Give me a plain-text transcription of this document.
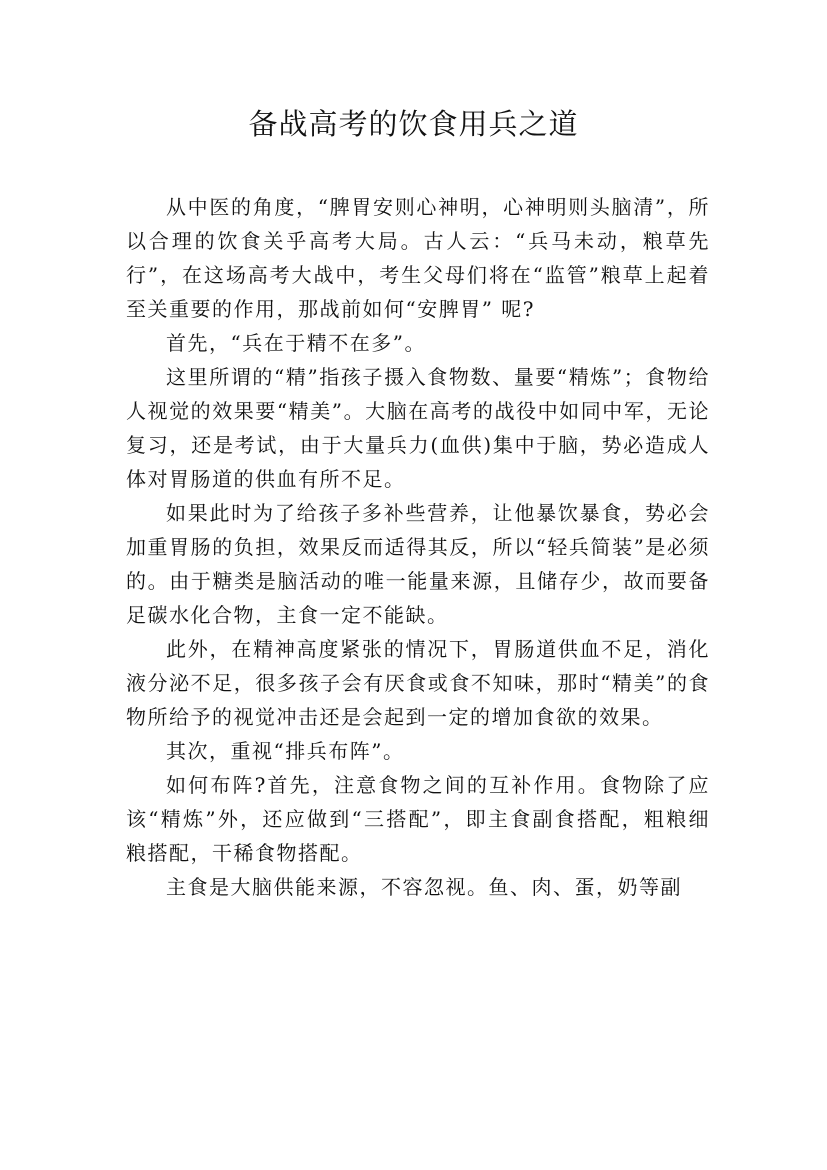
备战高考的饮食用兵之道

从中医的角度，“脾胃安则心神明，心神明则头脑清”，所以合理的饮食关乎高考大局。古人云：“兵马未动，粮草先行”，在这场高考大战中，考生父母们将在“监管”粮草上起着至关重要的作用，那战前如何“安脾胃” 呢?

首先，“兵在于精不在多”。

这里所谓的“精”指孩子摄入食物数、量要“精炼”；食物给人视觉的效果要“精美”。大脑在高考的战役中如同中军，无论复习，还是考试，由于大量兵力(血供)集中于脑，势必造成人体对胃肠道的供血有所不足。

如果此时为了给孩子多补些营养，让他暴饮暴食，势必会加重胃肠的负担，效果反而适得其反，所以“轻兵简装”是必须的。由于糖类是脑活动的唯一能量来源，且储存少，故而要备足碳水化合物，主食一定不能缺。

此外，在精神高度紧张的情况下，胃肠道供血不足，消化液分泌不足，很多孩子会有厌食或食不知味，那时“精美”的食物所给予的视觉冲击还是会起到一定的增加食欲的效果。

其次，重视“排兵布阵”。

如何布阵?首先，注意食物之间的互补作用。食物除了应该“精炼”外，还应做到“三搭配”，即主食副食搭配，粗粮细粮搭配，干稀食物搭配。

主食是大脑供能来源，不容忽视。鱼、肉、蛋，奶等副
